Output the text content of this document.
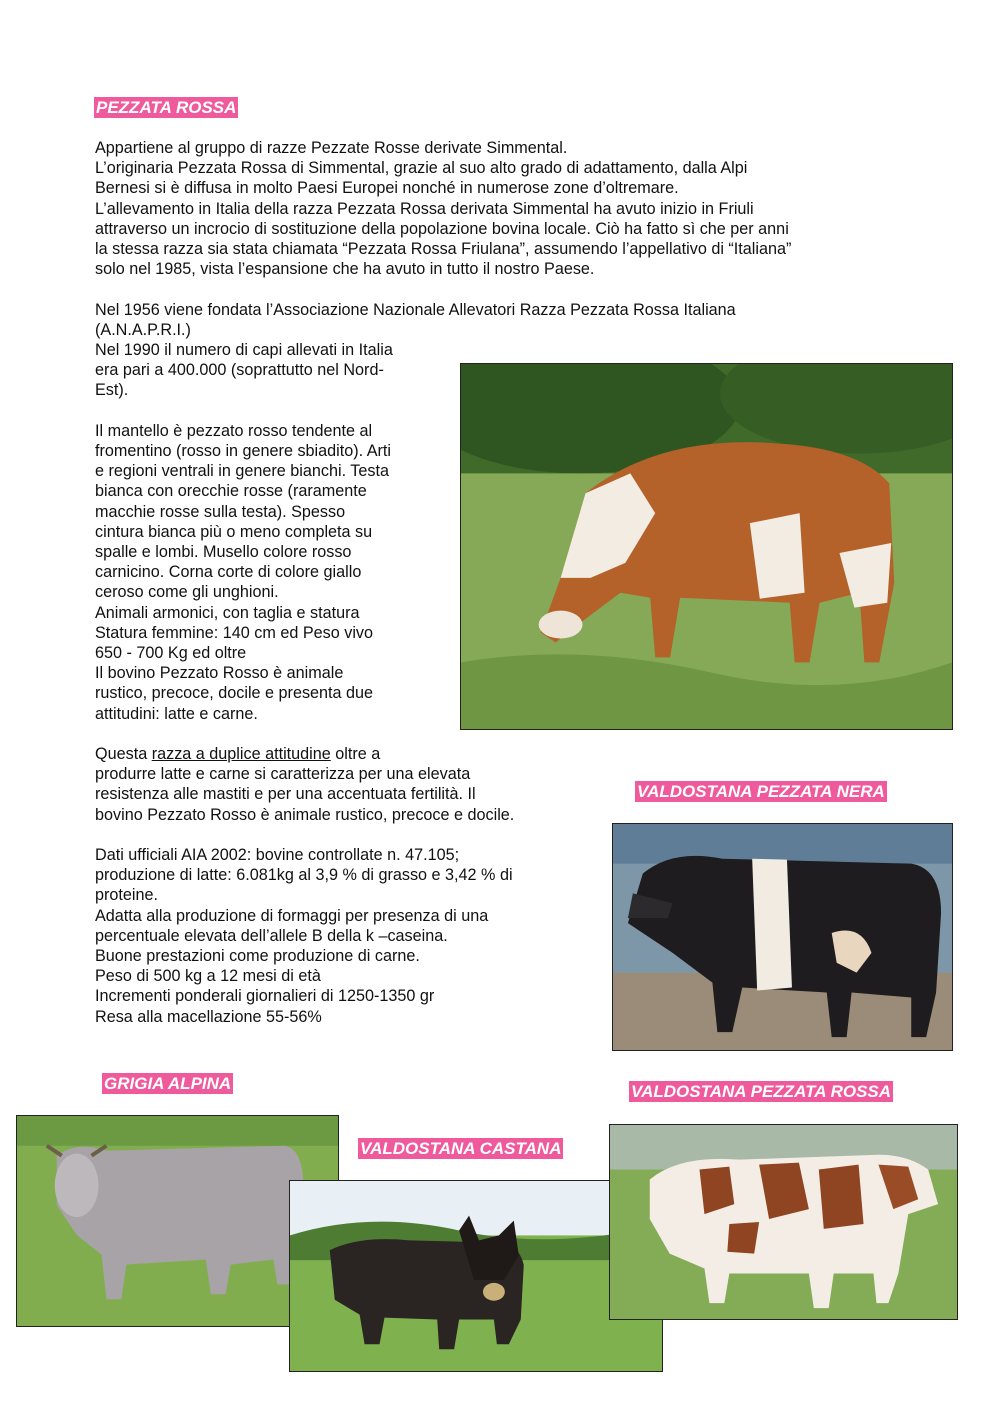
PEZZATA ROSSA
Appartiene al gruppo di razze Pezzate Rosse derivate Simmental.
L’originaria Pezzata Rossa di Simmental, grazie al suo alto grado di adattamento, dalla Alpi
Bernesi si è diffusa in molto Paesi Europei nonché in numerose zone d’oltremare.
L’allevamento in Italia della razza Pezzata Rossa derivata Simmental ha avuto inizio in Friuli
attraverso un incrocio di sostituzione della popolazione bovina locale. Ciò ha fatto sì che per anni
la stessa razza sia stata chiamata “Pezzata Rossa Friulana”, assumendo l’appellativo di “Italiana”
solo nel 1985, vista l’espansione che ha avuto in tutto il nostro Paese.
Nel 1956 viene fondata l’Associazione Nazionale Allevatori Razza Pezzata Rossa Italiana
(A.N.A.P.R.I.)
Nel 1990 il numero di capi allevati in Italia
era pari a 400.000 (soprattutto nel Nord-
Est).
Il mantello è pezzato rosso tendente al
fromentino (rosso in genere sbiadito). Arti
e regioni ventrali in genere bianchi. Testa
bianca con orecchie rosse (raramente
macchie rosse sulla testa). Spesso
cintura bianca più o meno completa su
spalle e lombi. Musello colore rosso
carnicino. Corna corte di colore giallo
ceroso come gli unghioni.
Animali armonici, con taglia e statura
Statura femmine: 140 cm ed Peso vivo
650 - 700 Kg ed oltre
Il bovino Pezzato Rosso è animale
rustico, precoce, docile e presenta due
attitudini: latte e carne.
Questa razza a duplice attitudine oltre a
produrre latte e carne si caratterizza per una elevata
resistenza alle mastiti e per una accentuata fertilità. Il
bovino Pezzato Rosso è animale rustico, precoce e docile.
Dati ufficiali AIA 2002: bovine controllate n. 47.105;
produzione di latte: 6.081kg al 3,9 % di grasso e 3,42 % di
proteine.
Adatta alla produzione di formaggi per presenza di una
percentuale elevata dell’allele B della k –caseina.
Buone prestazioni come produzione di carne.
Peso di 500 kg a 12 mesi di età
Incrementi ponderali giornalieri di 1250-1350 gr
Resa alla macellazione 55-56%
VALDOSTANA PEZZATA NERA
GRIGIA ALPINA	VALDOSTANA PEZZATA ROSSA
VALDOSTANA CASTANA
